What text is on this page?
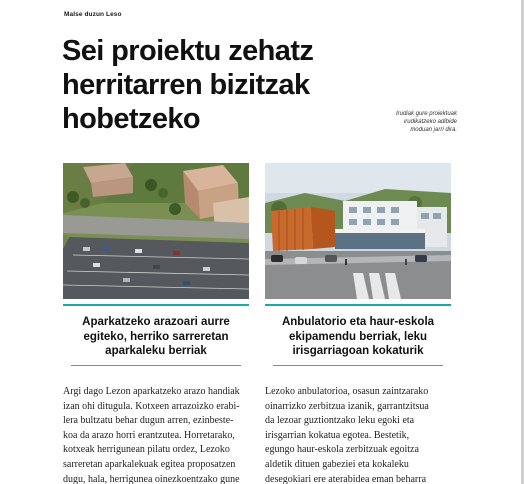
Malse duzun Leso
Sei proiektu zehatz
herritarren bizitzak
hobetzeko	Irudiak gure proiektuak
irudikatzeko adibide
moduan jarri dira.
Aparkatzeko arazoari aurre
egiteko, herriko sarreretan
aparkaleku berriak
Anbulatorio eta haur-eskola
ekipamendu berriak, leku
irisgarriagoan kokaturik
Argi dago Lezon aparkatzeko arazo handiak
izan ohi ditugula. Kotxeen arrazoizko erabi-
lera bultzatu behar dugun arren, ezinbeste-
koa da arazo horri erantzutea. Horretarako,
kotxeak herrigunean pilatu ordez, Lezoko
sarreretan aparkalekuak egitea proposatzen
dugu, hala, herrigunea oinezkoentzako gune
Lezoko anbulatorioa, osasun zaintzarako
oinarrizko zerbitzua izanik, garrantzitsua
da lezoar guztiontzako leku egoki eta
irisgarrian kokatua egotea. Bestetik,
egungo haur-eskola zerbitzuak egoitza
aldetik dituen gabeziei eta kokaleku
desegokiari ere aterabidea eman beharra
